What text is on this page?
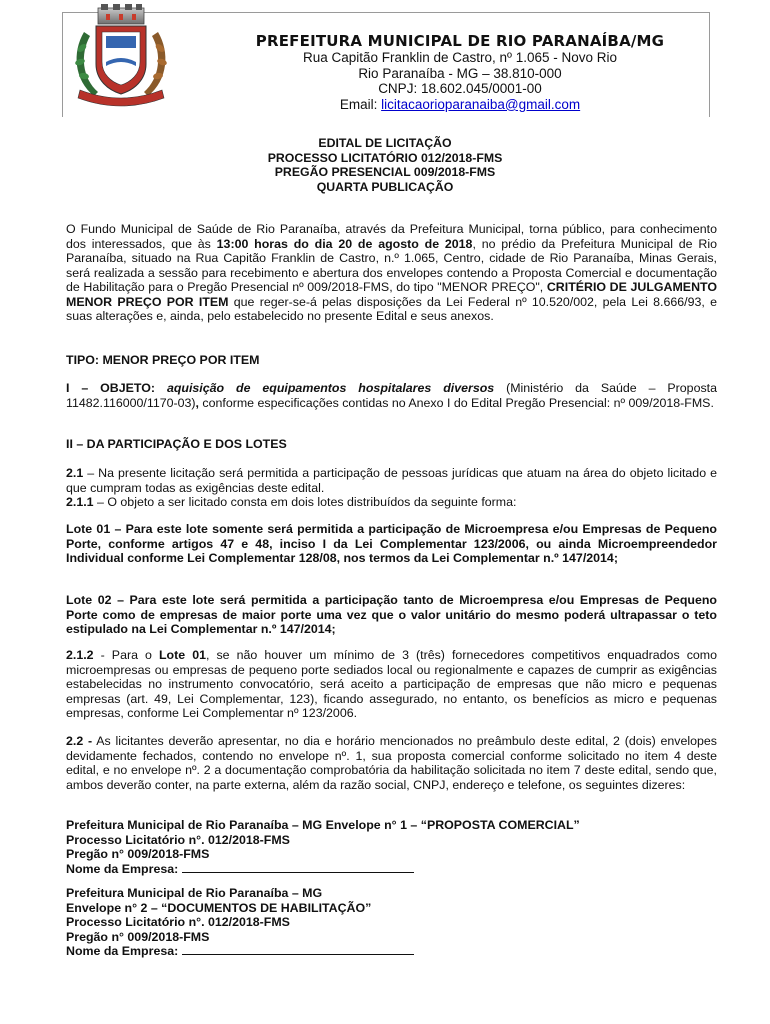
PREFEITURA MUNICIPAL DE RIO PARANAÍBA/MG
Rua Capitão Franklin de Castro, nº 1.065 - Novo Rio
Rio Paranaíba - MG – 38.810-000
CNPJ: 18.602.045/0001-00
Email: licitacaorioparanaiba@gmail.com
EDITAL DE LICITAÇÃO
PROCESSO LICITATÓRIO 012/2018-FMS
PREGÃO PRESENCIAL 009/2018-FMS
QUARTA PUBLICAÇÃO

O Fundo Municipal de Saúde de Rio Paranaíba, através da Prefeitura Municipal, torna público, para conhecimento dos interessados, que às 13:00 horas do dia 20 de agosto de 2018, no prédio da Prefeitura Municipal de Rio Paranaíba, situado na Rua Capitão Franklin de Castro, n.º 1.065, Centro, cidade de Rio Paranaíba, Minas Gerais, será realizada a sessão para recebimento e abertura dos envelopes contendo a Proposta Comercial e documentação de Habilitação para o Pregão Presencial nº 009/2018-FMS, do tipo "MENOR PREÇO", CRITÉRIO DE JULGAMENTO MENOR PREÇO POR ITEM que reger-se-á pelas disposições da Lei Federal nº 10.520/002, pela Lei 8.666/93, e suas alterações e, ainda, pelo estabelecido no presente Edital e seus anexos.

TIPO: MENOR PREÇO POR ITEM

I – OBJETO: aquisição de equipamentos hospitalares diversos (Ministério da Saúde – Proposta 11482.116000/1170-03), conforme especificações contidas no Anexo I do Edital Pregão Presencial: nº 009/2018-FMS.

II – DA PARTICIPAÇÃO E DOS LOTES

2.1 – Na presente licitação será permitida a participação de pessoas jurídicas que atuam na área do objeto licitado e que cumpram todas as exigências deste edital.

2.1.1 – O objeto a ser licitado consta em dois lotes distribuídos da seguinte forma:

Lote 01 – Para este lote somente será permitida a participação de Microempresa e/ou Empresas de Pequeno Porte, conforme artigos 47 e 48, inciso I da Lei Complementar 123/2006, ou ainda Microempreendedor Individual conforme Lei Complementar 128/08, nos termos da Lei Complementar n.º 147/2014;

Lote 02 – Para este lote será permitida a participação tanto de Microempresa e/ou Empresas de Pequeno Porte como de empresas de maior porte uma vez que o valor unitário do mesmo poderá ultrapassar o teto estipulado na Lei Complementar n.º 147/2014;

2.1.2 - Para o Lote 01, se não houver um mínimo de 3 (três) fornecedores competitivos enquadrados como microempresas ou empresas de pequeno porte sediados local ou regionalmente e capazes de cumprir as exigências estabelecidas no instrumento convocatório, será aceito a participação de empresas que não micro e pequenas empresas (art. 49, Lei Complementar, 123), ficando assegurado, no entanto, os benefícios as micro e pequenas empresas, conforme Lei Complementar nº 123/2006.

2.2 - As licitantes deverão apresentar, no dia e horário mencionados no preâmbulo deste edital, 2 (dois) envelopes devidamente fechados, contendo no envelope nº. 1, sua proposta comercial conforme solicitado no item 4 deste edital, e no envelope nº. 2 a documentação comprobatória da habilitação solicitada no item 7 deste edital, sendo que, ambos deverão conter, na parte externa, além da razão social, CNPJ, endereço e telefone, os seguintes dizeres:

Prefeitura Municipal de Rio Paranaíba – MG Envelope n° 1 – “PROPOSTA COMERCIAL”
Processo Licitatório n°. 012/2018-FMS
Pregão n° 009/2018-FMS
Nome da Empresa:
Prefeitura Municipal de Rio Paranaíba – MG
Envelope n° 2 – “DOCUMENTOS DE HABILITAÇÃO”
Processo Licitatório n°. 012/2018-FMS
Pregão n° 009/2018-FMS
Nome da Empresa:
